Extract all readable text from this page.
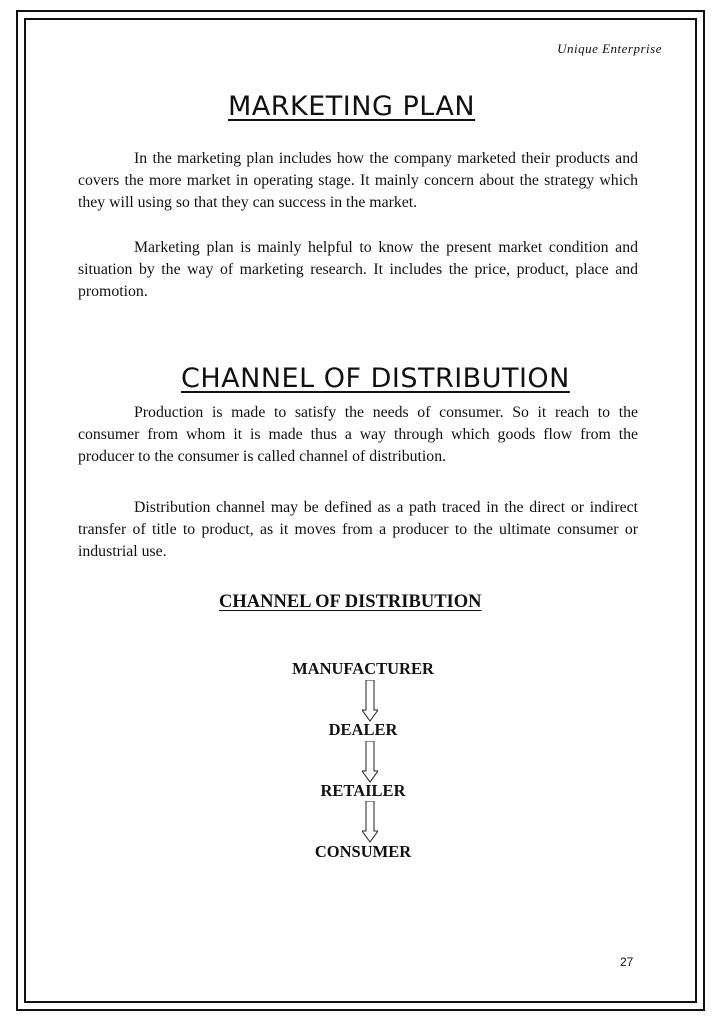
Unique Enterprise
MARKETING PLAN
In the marketing plan includes how the company marketed their products and covers the more market in operating stage. It mainly concern about the strategy which they will using so that they can success in the market.
Marketing plan is mainly helpful to know the present market condition and situation by the way of marketing research. It includes the price, product, place and promotion.
CHANNEL OF DISTRIBUTION
Production is made to satisfy the needs of consumer. So it reach to the consumer from whom it is made thus a way through which goods flow from the producer to the consumer is called channel of distribution.
Distribution channel may be defined as a path traced in the direct or indirect transfer of title to product, as it moves from a producer to the ultimate consumer or industrial use.
CHANNEL OF DISTRIBUTION
MANUFACTURER
DEALER
RETAILER
CONSUMER
27
